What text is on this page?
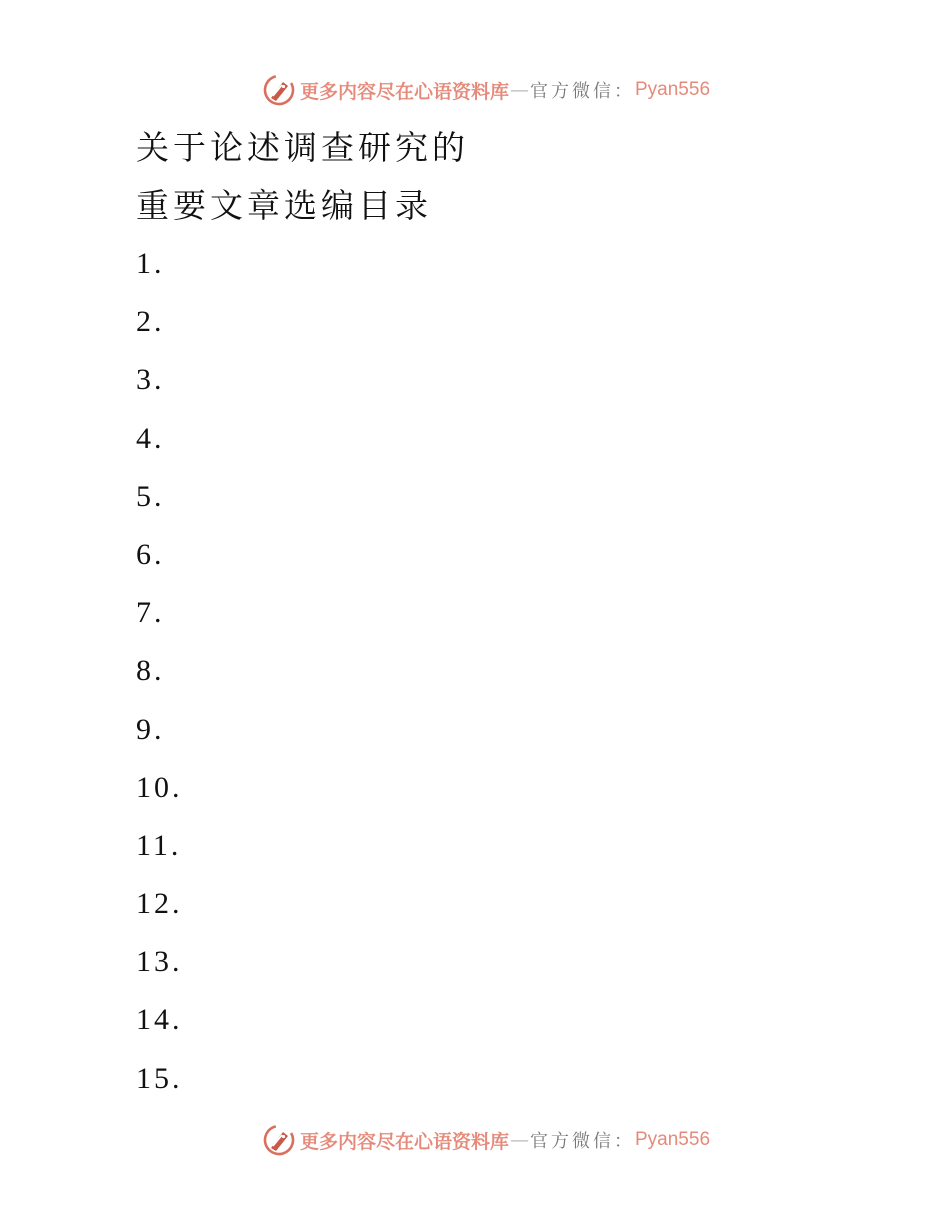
更多内容尽在心语资料库 — 官方微信： Pyan556
关于论述调查研究的
重要文章选编目录
1.
2.
3.
4.
5.
6.
7.
8.
9.
10.
11.
12.
13.
14.
15.
更多内容尽在心语资料库 — 官方微信： Pyan556
